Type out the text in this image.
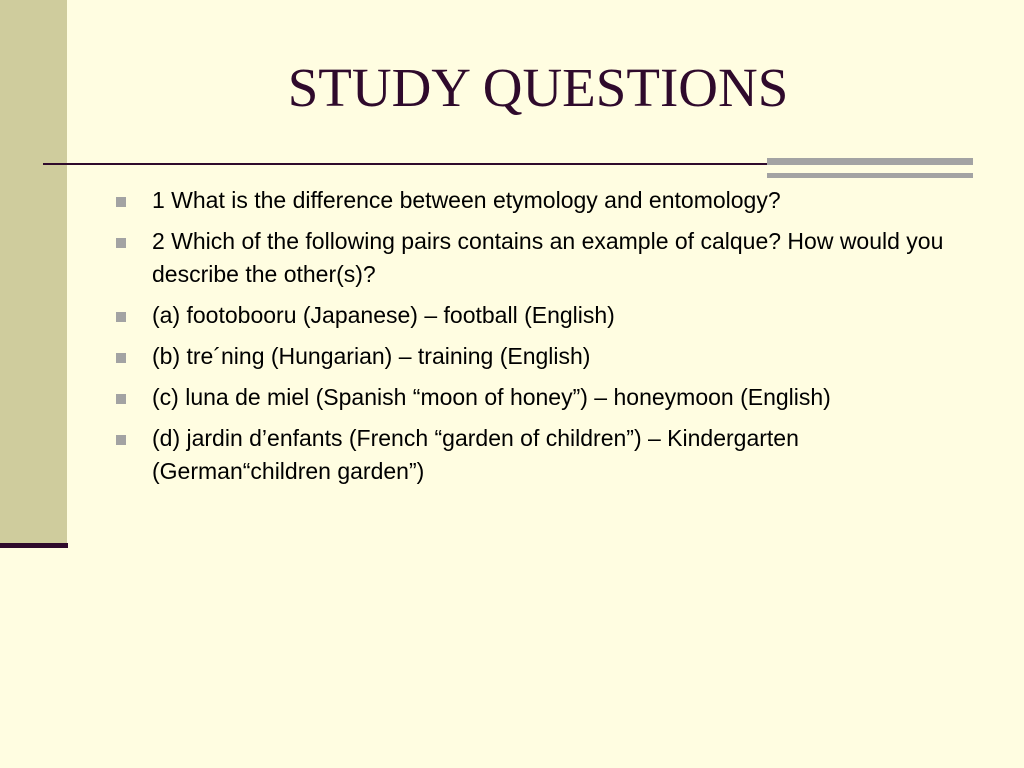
STUDY QUESTIONS
1 What is the difference between etymology and entomology?
2 Which of the following pairs contains an example of calque? How would you describe the other(s)?
(a) footobooru (Japanese) – football (English)
(b) tre´ning (Hungarian) – training (English)
(c) luna de miel (Spanish “moon of honey”) – honeymoon (English)
(d) jardin d’enfants (French “garden of children”) – Kindergarten (German“children garden”)
